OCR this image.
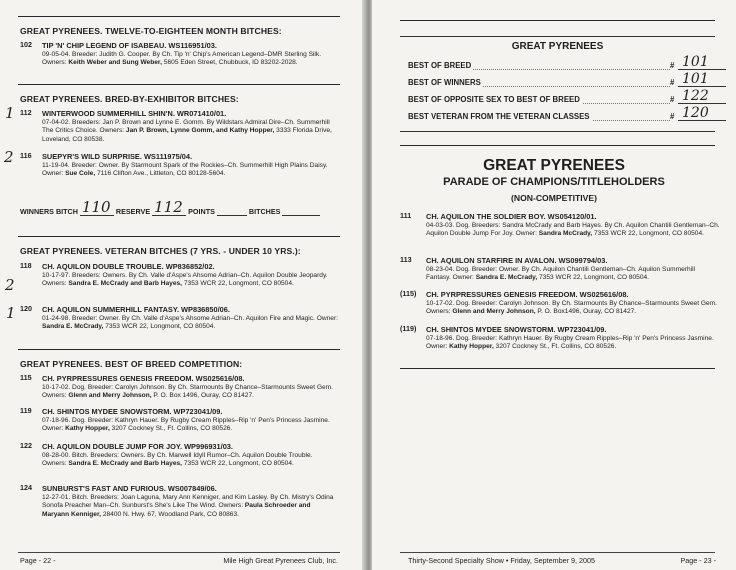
GREAT PYRENEES. TWELVE-TO-EIGHTEEN MONTH BITCHES:
102 TIP 'N' CHIP LEGEND OF ISABEAU. WS116951/03.
09-05-04. Breeder: Judith G. Cooper. By Ch. Tip 'n' Chip's American Legend–DMR Sterling Silk. Owners: Keith Weber and Sung Weber, 5605 Eden Street, Chubbuck, ID 83202-2028.
GREAT PYRENEES. BRED-BY-EXHIBITOR BITCHES:
1 112 WINTERWOOD SUMMERHILL SHIN'N. WR071410/01.
07-04-02. Breeders: Jan P. Brown and Lynne E. Gomm. By Wildstars Admiral Dire–Ch. Summerhill The Critics Choice. Owners: Jan P. Brown, Lynne Gomm, and Kathy Hopper, 3333 Florida Drive, Loveland, CO 80538.
2 116 SUEPYR'S WILD SURPRISE. WS111975/04.
11-19-04. Breeder: Owner. By Starmount Spark of the Rockies–Ch. Summerhill High Plains Daisy. Owner: Sue Cole, 7116 Clifton Ave., Littleton, CO 80128-5604.
WINNERS BITCH 110 RESERVE 112 POINTS	BITCHES
GREAT PYRENEES. VETERAN BITCHES (7 YRS. - UNDER 10 YRS.):
118 CH. AQUILON DOUBLE TROUBLE. WP836852/02.
10-17-97. Breeders: Owners. By Ch. Valle d'Aspe's Ahsome Adrian–Ch. Aquilon Double Jeopardy. Owners: Sandra E. McCrady and Barb Hayes, 7353 WCR 22, Longmont, CO 80504.
2
1 120 CH. AQUILON SUMMERHILL FANTASY. WP836850/06.
01-24-98. Breeder: Owner. By Ch. Valle d'Aspe's Ahsome Adrian–Ch. Aquilon Fire and Magic. Owner: Sandra E. McCrady, 7353 WCR 22, Longmont, CO 80504.
GREAT PYRENEES. BEST OF BREED COMPETITION:
115 CH. PYRPRESSURES GENESIS FREEDOM. WS025616/08.
10-17-02. Dog. Breeder: Carolyn Johnson. By Ch. Starmounts By Chance–Starmounts Sweet Gem. Owners: Glenn and Merry Johnson, P. O. Box 1496, Ouray, CO 81427.
119 CH. SHINTOS MYDEE SNOWSTORM. WP723041/09.
07-18-96. Dog. Breeder: Kathryn Hauer. By Rugby Cream Ripples–Rip 'n' Pen's Princess Jasmine. Owner: Kathy Hopper, 3207 Cockney St., Ft. Collins, CO 80526.
122 CH. AQUILON DOUBLE JUMP FOR JOY. WP996931/03.
08-28-00. Bitch. Breeders: Owners. By Ch. Marwell Idyll Rumor–Ch. Aquilon Double Trouble. Owners: Sandra E. McCrady and Barb Hayes, 7353 WCR 22, Longmont, CO 80504.
124 SUNBURST'S FAST AND FURIOUS. WS007849/06.
12-27-01. Bitch. Breeders: Joan Laguna, Mary Ann Kenniger, and Kim Lasley. By Ch. Mistry's Odina Sonofa Preacher Man–Ch. Sunburst's She's Like The Wind. Owners: Paula Schroeder and Maryann Kenniger, 28400 N. Hwy. 67, Woodland Park, CO 80863.
Page - 22 -	Mile High Great Pyrenees Club, Inc.
GREAT PYRENEES
BEST OF BREED	# 101
BEST OF WINNERS	# 101
BEST OF OPPOSITE SEX TO BEST OF BREED	# 122
BEST VETERAN FROM THE VETERAN CLASSES	# 120
GREAT PYRENEES
PARADE OF CHAMPIONS/TITLEHOLDERS
(NON-COMPETITIVE)
111 CH. AQUILON THE SOLDIER BOY. WS054120/01.
04-03-03. Dog. Breeders: Sandra McCrady and Barb Hayes. By Ch. Aquilon Chantili Gentleman–Ch. Aquilon Double Jump For Joy. Owner: Sandra McCrady, 7353 WCR 22, Longmont, CO 80504.
113 CH. AQUILON STARFIRE IN AVALON. WS099794/03.
08-23-04. Dog. Breeder: Owner. By Ch. Aquilon Chantili Gentleman–Ch. Aquilon Summerhill Fantasy. Owner: Sandra E. McCrady, 7353 WCR 22, Longmont, CO 80504.
(115) CH. PYRPRESSURES GENESIS FREEDOM. WS025616/08.
10-17-02. Dog. Breeder: Carolyn Johnson. By Ch. Starmounts By Chance–Starmounts Sweet Gem. Owners: Glenn and Merry Johnson, P. O. Box1496, Ouray, CO 81427.
(119) CH. SHINTOS MYDEE SNOWSTORM. WP723041/09.
07-18-96. Dog. Breeder: Kathryn Hauer. By Rugby Cream Ripples–Rip 'n' Pen's Princess Jasmine. Owner: Kathy Hopper, 3207 Cockney St., Ft. Collins, CO 80526.
Thirty-Second Specialty Show • Friday, September 9, 2005	Page - 23 -
